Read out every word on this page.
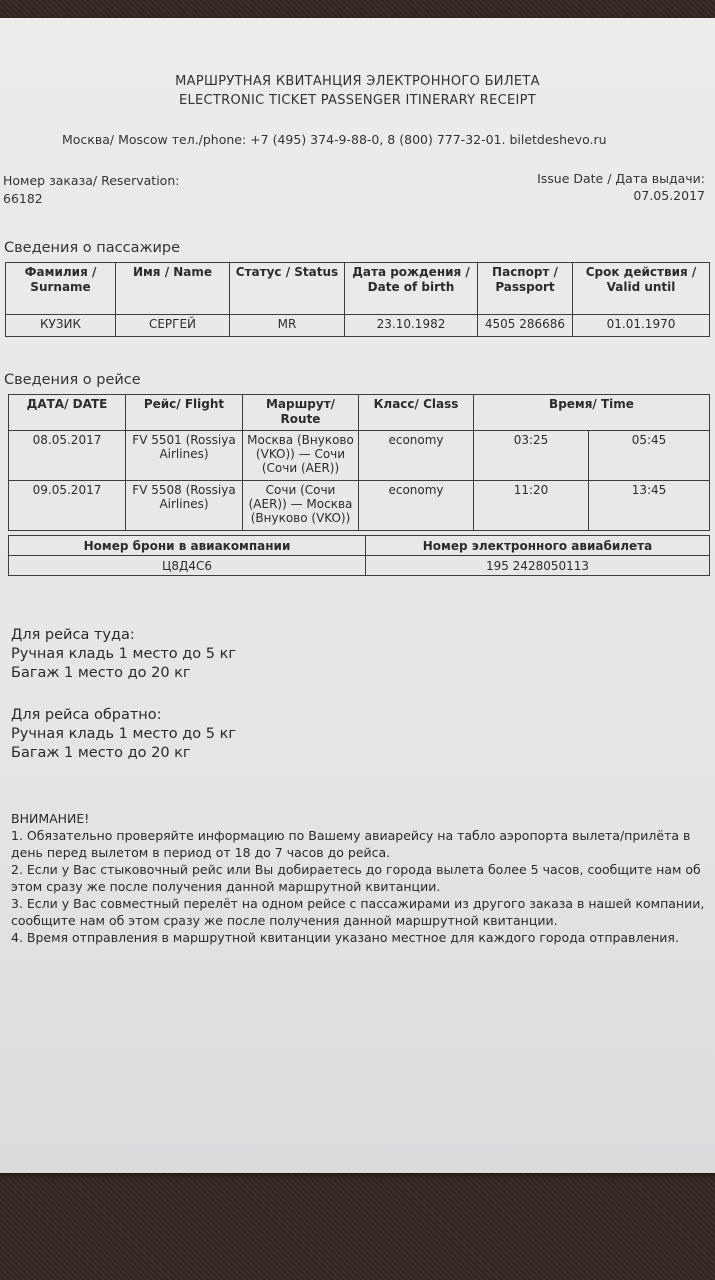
МАРШРУТНАЯ КВИТАНЦИЯ ЭЛЕКТРОННОГО БИЛЕТА
ELECTRONIC TICKET PASSENGER ITINERARY RECEIPT
Москва/ Moscow тел./phone: +7 (495) 374-9-88-0, 8 (800) 777-32-01. biletdeshevo.ru
Номер заказа/ Reservation:
66182
Issue Date / Дата выдачи:
07.05.2017
Сведения о пассажире
Фамилия / Surname	Имя / Name	Статус / Status	Дата рождения / Date of birth	Паспорт / Passport	Срок действия / Valid until
КУЗИК	СЕРГЕЙ	MR	23.10.1982	4505 286686	01.01.1970
Сведения о рейсе
ДАТА/ DATE	Рейс/ Flight	Маршрут/ Route	Класс/ Class	Время/ Time	
08.05.2017	FV 5501 (Rossiya Airlines)	Москва (Внуково (VKO)) — Сочи (Сочи (AER))	economy	03:25	05:45
09.05.2017	FV 5508 (Rossiya Airlines)	Сочи (Сочи (AER)) — Москва (Внуково (VKO))	economy	11:20	13:45
Номер брони в авиакомпании	Номер электронного авиабилета
Ц8Д4С6	195 2428050113
Для рейса туда:
Ручная кладь 1 место до 5 кг
Багаж 1 место до 20 кг
Для рейса обратно:
Ручная кладь 1 место до 5 кг
Багаж 1 место до 20 кг

ВНИМАНИЕ!

1. Обязательно проверяйте информацию по Вашему авиарейсу на табло аэропорта вылета/прилёта в день перед вылетом в период от 18 до 7 часов до рейса.

2. Если у Вас стыковочный рейс или Вы добираетесь до города вылета более 5 часов, сообщите нам об этом сразу же после получения данной маршрутной квитанции.

3. Если у Вас совместный перелёт на одном рейсе с пассажирами из другого заказа в нашей компании, сообщите нам об этом сразу же после получения данной маршрутной квитанции.

4. Время отправления в маршрутной квитанции указано местное для каждого города отправления.
